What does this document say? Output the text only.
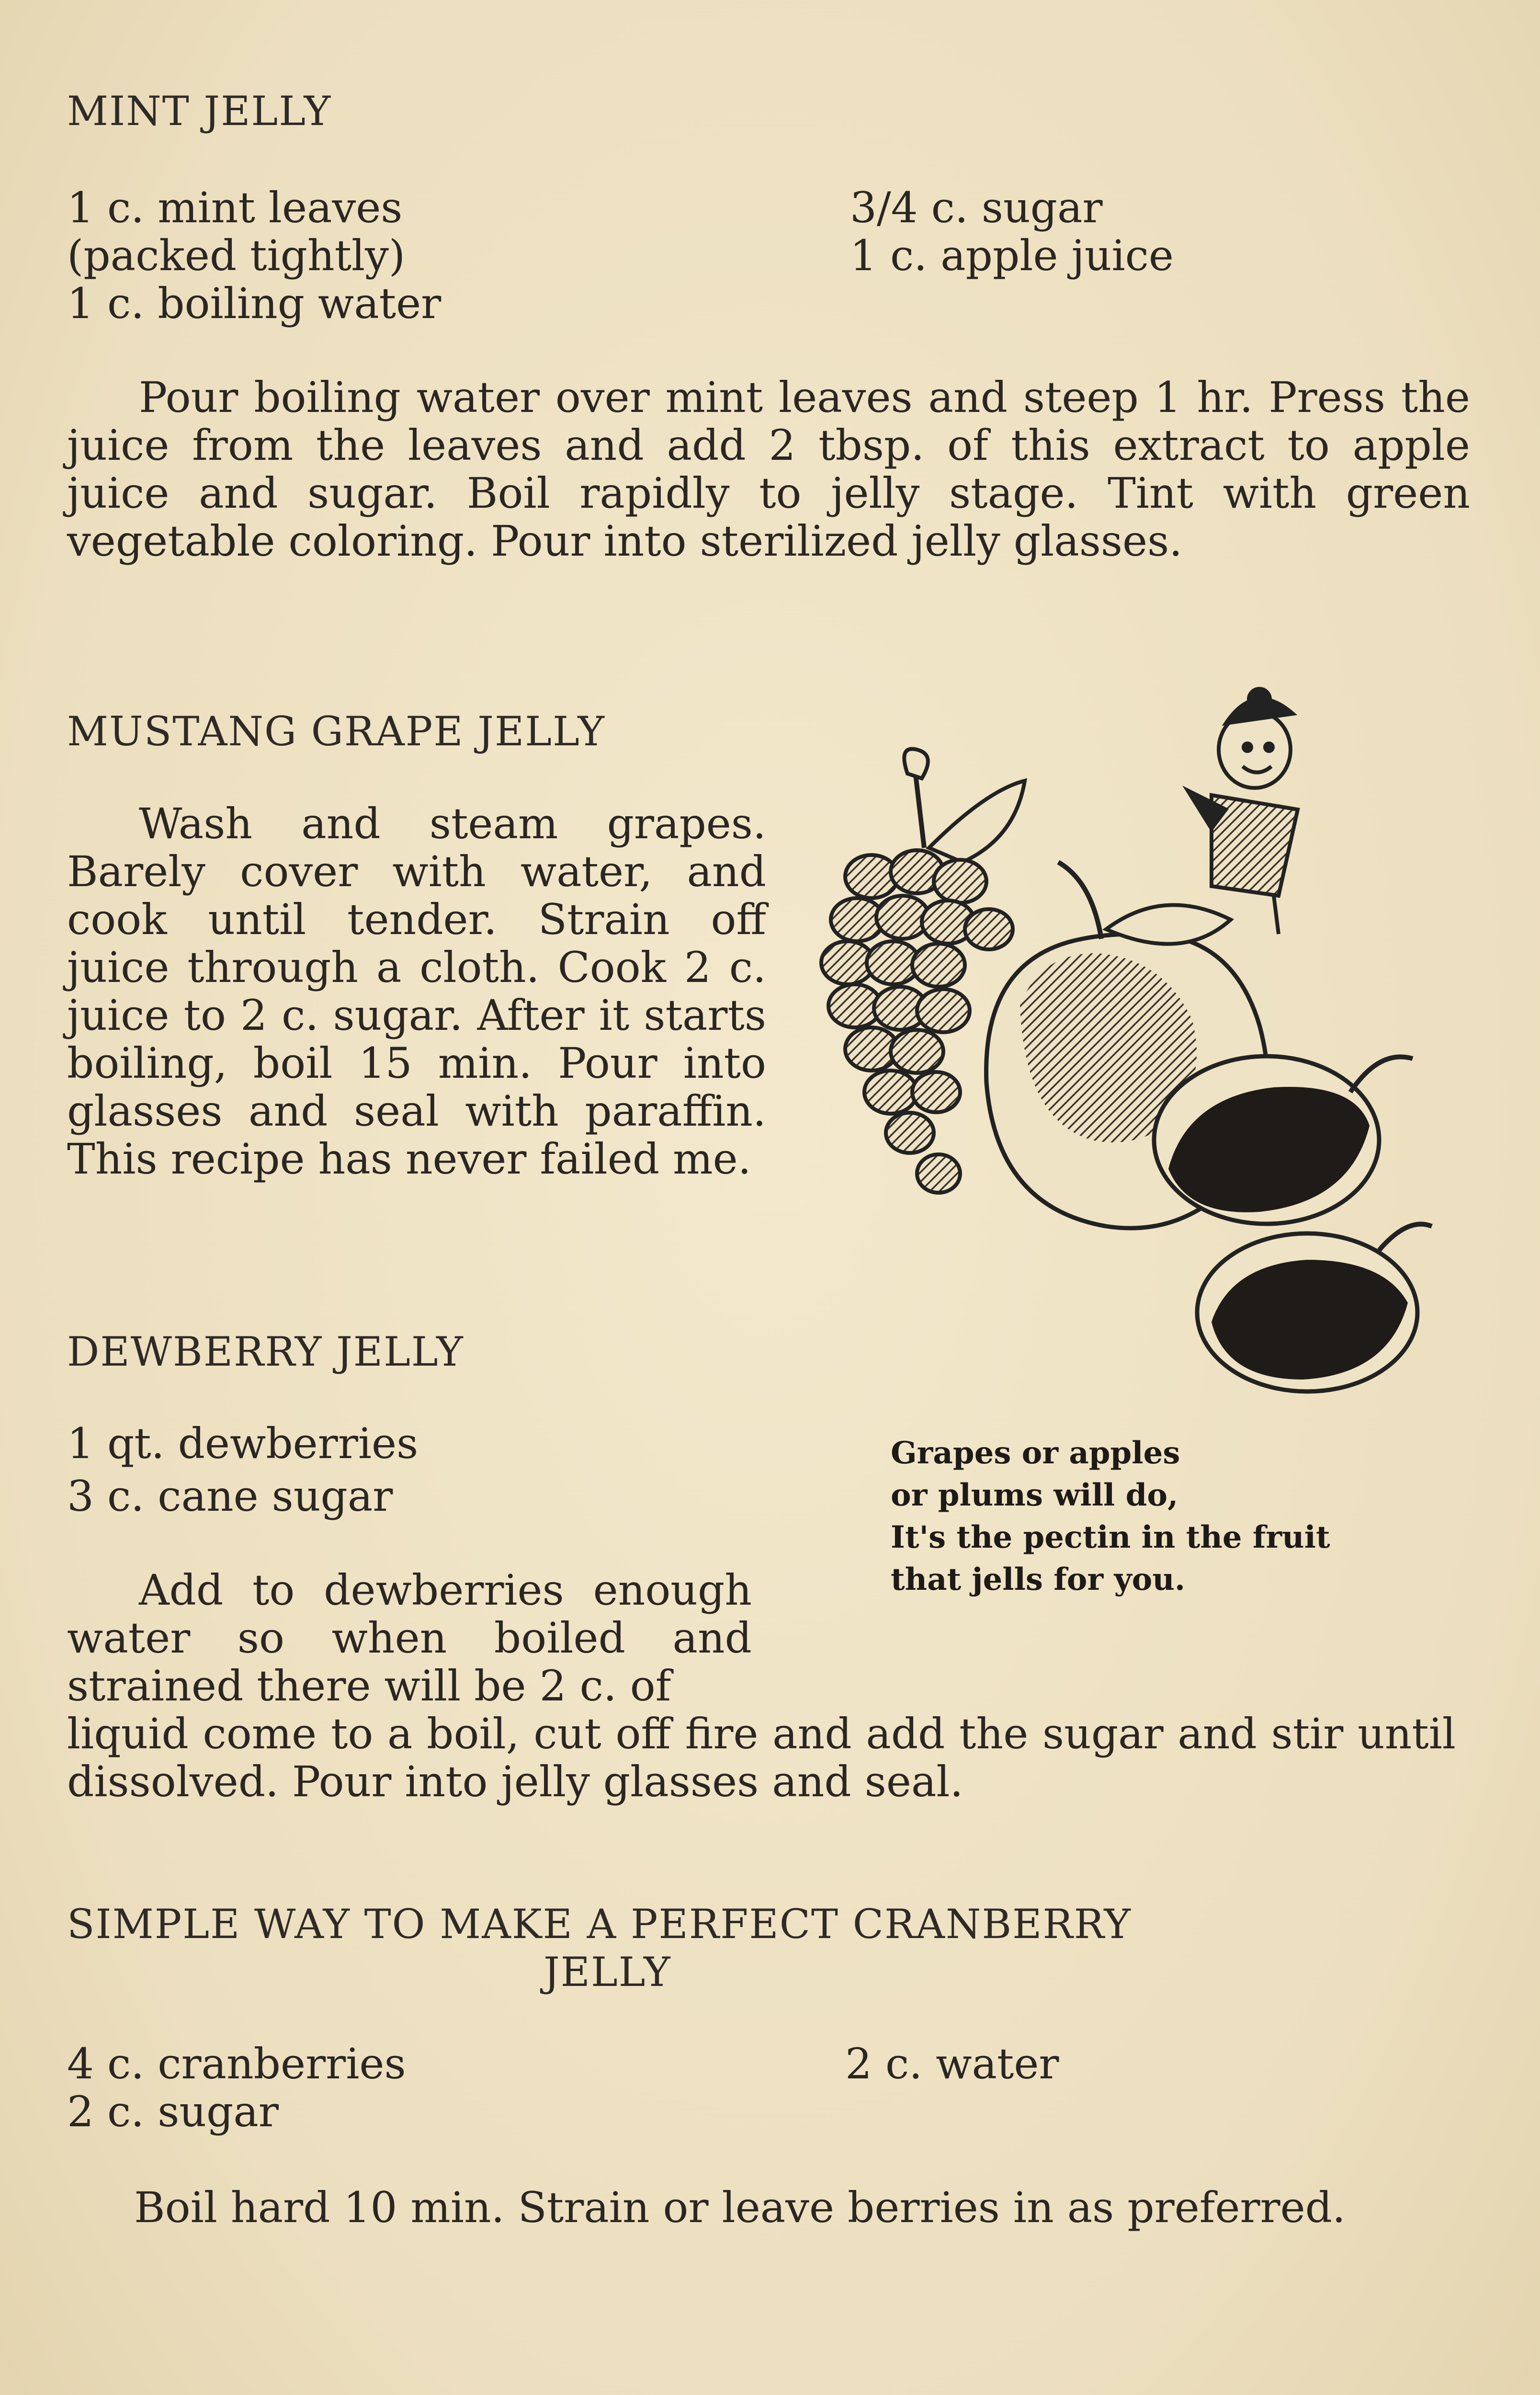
MINT JELLY

1 c. mint leaves

(packed tightly)

1 c. boiling water

3/4 c. sugar

1 c. apple juice

Pour boiling water over mint leaves and steep 1 hr. Press the juice from the leaves and add 2 tbsp. of this extract to apple juice and sugar. Boil rapidly to jelly stage. Tint with green vegetable coloring. Pour into sterilized jelly glasses.

MUSTANG GRAPE JELLY

Wash and steam grapes. Barely cover with water, and cook until tender. Strain off juice through a cloth. Cook 2 c. juice to 2 c. sugar. After it starts boiling, boil 15 min. Pour into glasses and seal with paraffin. This recipe has never failed me.

Grapes or apples
or plums will do,
It's the pectin in the fruit
that jells for you.
DEWBERRY JELLY

1 qt. dewberries

3 c. cane sugar

Add to dewberries enough water so when boiled and strained there will be 2 c. of

liquid come to a boil, cut off fire and add the sugar and stir until dissolved. Pour into jelly glasses and seal.

SIMPLE WAY TO MAKE A PERFECT CRANBERRY
JELLY

4 c. cranberries

2 c. sugar

2 c. water

Boil hard 10 min. Strain or leave berries in as preferred.
